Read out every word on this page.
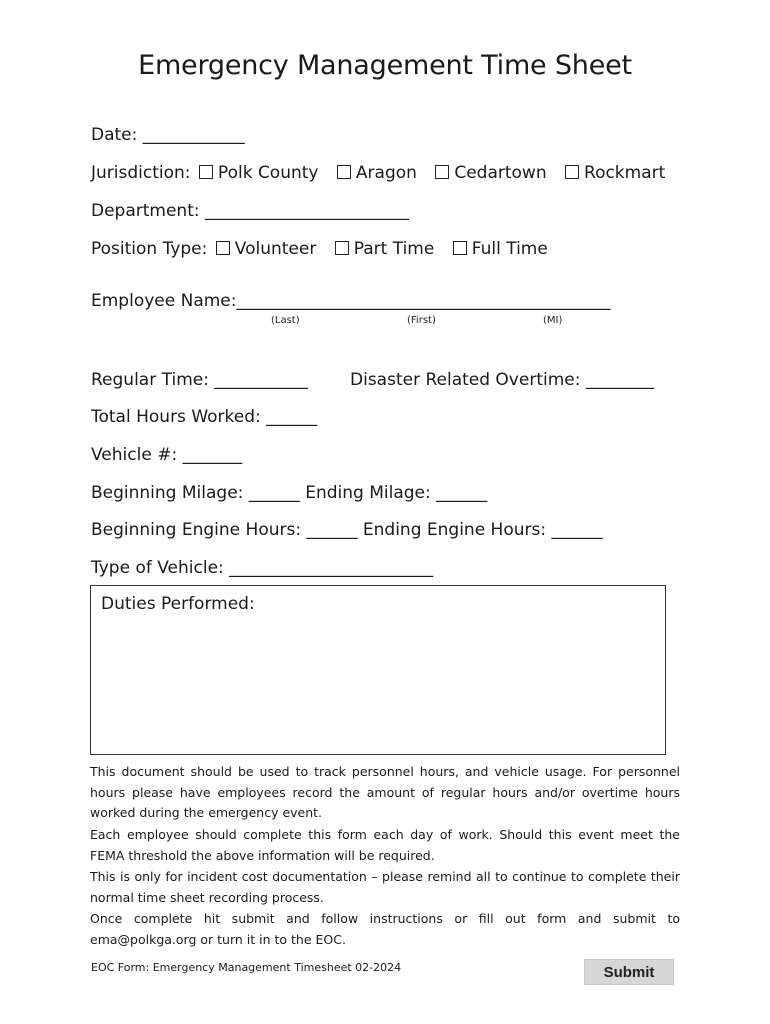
Emergency Management Time Sheet
Date: ____________
Jurisdiction: Polk County Aragon Cedartown Rockmart
Department: ________________________
Position Type: Volunteer Part Time Full Time
Employee Name:____________________________________________
(Last)	(First)	(MI)
Regular Time: ___________ Disaster Related Overtime: ________
Total Hours Worked: ______
Vehicle #: _______
Beginning Milage: ______ Ending Milage: ______
Beginning Engine Hours: ______ Ending Engine Hours: ______
Type of Vehicle: ________________________
Duties Performed:
This document should be used to track personnel hours, and vehicle usage. For personnel hours please have employees record the amount of regular hours and/or overtime hours worked during the emergency event.
Each employee should complete this form each day of work. Should this event meet the FEMA threshold the above information will be required.
This is only for incident cost documentation – please remind all to continue to complete their normal time sheet recording process.
Once complete hit submit and follow instructions or fill out form and submit to ema@polkga.org or turn it in to the EOC.
EOC Form: Emergency Management Timesheet 02-2024	Submit
